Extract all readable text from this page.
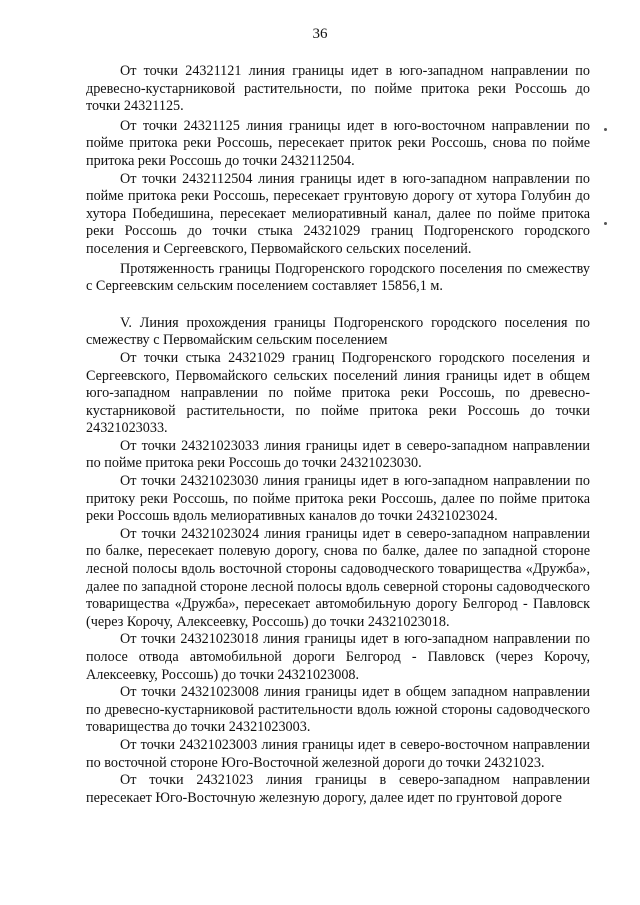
36

От точки 24321121 линия границы идет в юго-западном направлении по древесно-кустарниковой растительности, по пойме притока реки Россошь до точки 24321125.

От точки 24321125 линия границы идет в юго-восточном направлении по пойме притока реки Россошь, пересекает приток реки Россошь, снова по пойме притока реки Россошь до точки 2432112504.

От точки 2432112504 линия границы идет в юго-западном направлении по пойме притока реки Россошь, пересекает грунтовую дорогу от хутора Голубин до хутора Победишина, пересекает мелиоративный канал, далее по пойме притока реки Россошь до точки стыка 24321029 границ Подгоренского городского поселения и Сергеевского, Первомайского сельских поселений.

Протяженность границы Подгоренского городского поселения по смежеству с Сергеевским сельским поселением составляет 15856,1 м.

V. Линия прохождения границы Подгоренского городского поселения по смежеству с Первомайским сельским поселением

От точки стыка 24321029 границ Подгоренского городского поселения и Сергеевского, Первомайского сельских поселений линия границы идет в общем юго-западном направлении по пойме притока реки Россошь, по древесно-кустарниковой растительности, по пойме притока реки Россошь до точки 24321023033.

От точки 24321023033 линия границы идет в северо-западном направлении по пойме притока реки Россошь до точки 24321023030.

От точки 24321023030 линия границы идет в юго-западном направлении по притоку реки Россошь, по пойме притока реки Россошь, далее по пойме притока реки Россошь вдоль мелиоративных каналов до точки 24321023024.

От точки 24321023024 линия границы идет в северо-западном направлении по балке, пересекает полевую дорогу, снова по балке, далее по западной стороне лесной полосы вдоль восточной стороны садоводческого товарищества «Дружба», далее по западной стороне лесной полосы вдоль северной стороны садоводческого товарищества «Дружба», пересекает автомобильную дорогу Белгород - Павловск (через Корочу, Алексеевку, Россошь) до точки 24321023018.

От точки 24321023018 линия границы идет в юго-западном направлении по полосе отвода автомобильной дороги Белгород - Павловск (через Корочу, Алексеевку, Россошь) до точки 24321023008.

От точки 24321023008 линия границы идет в общем западном направлении по древесно-кустарниковой растительности вдоль южной стороны садоводческого товарищества до точки 24321023003.

От точки 24321023003 линия границы идет в северо-восточном направлении по восточной стороне Юго-Восточной железной дороги до точки 24321023.

От точки 24321023 линия границы в северо-западном направлении пересекает Юго-Восточную железную дорогу, далее идет по грунтовой дороге
